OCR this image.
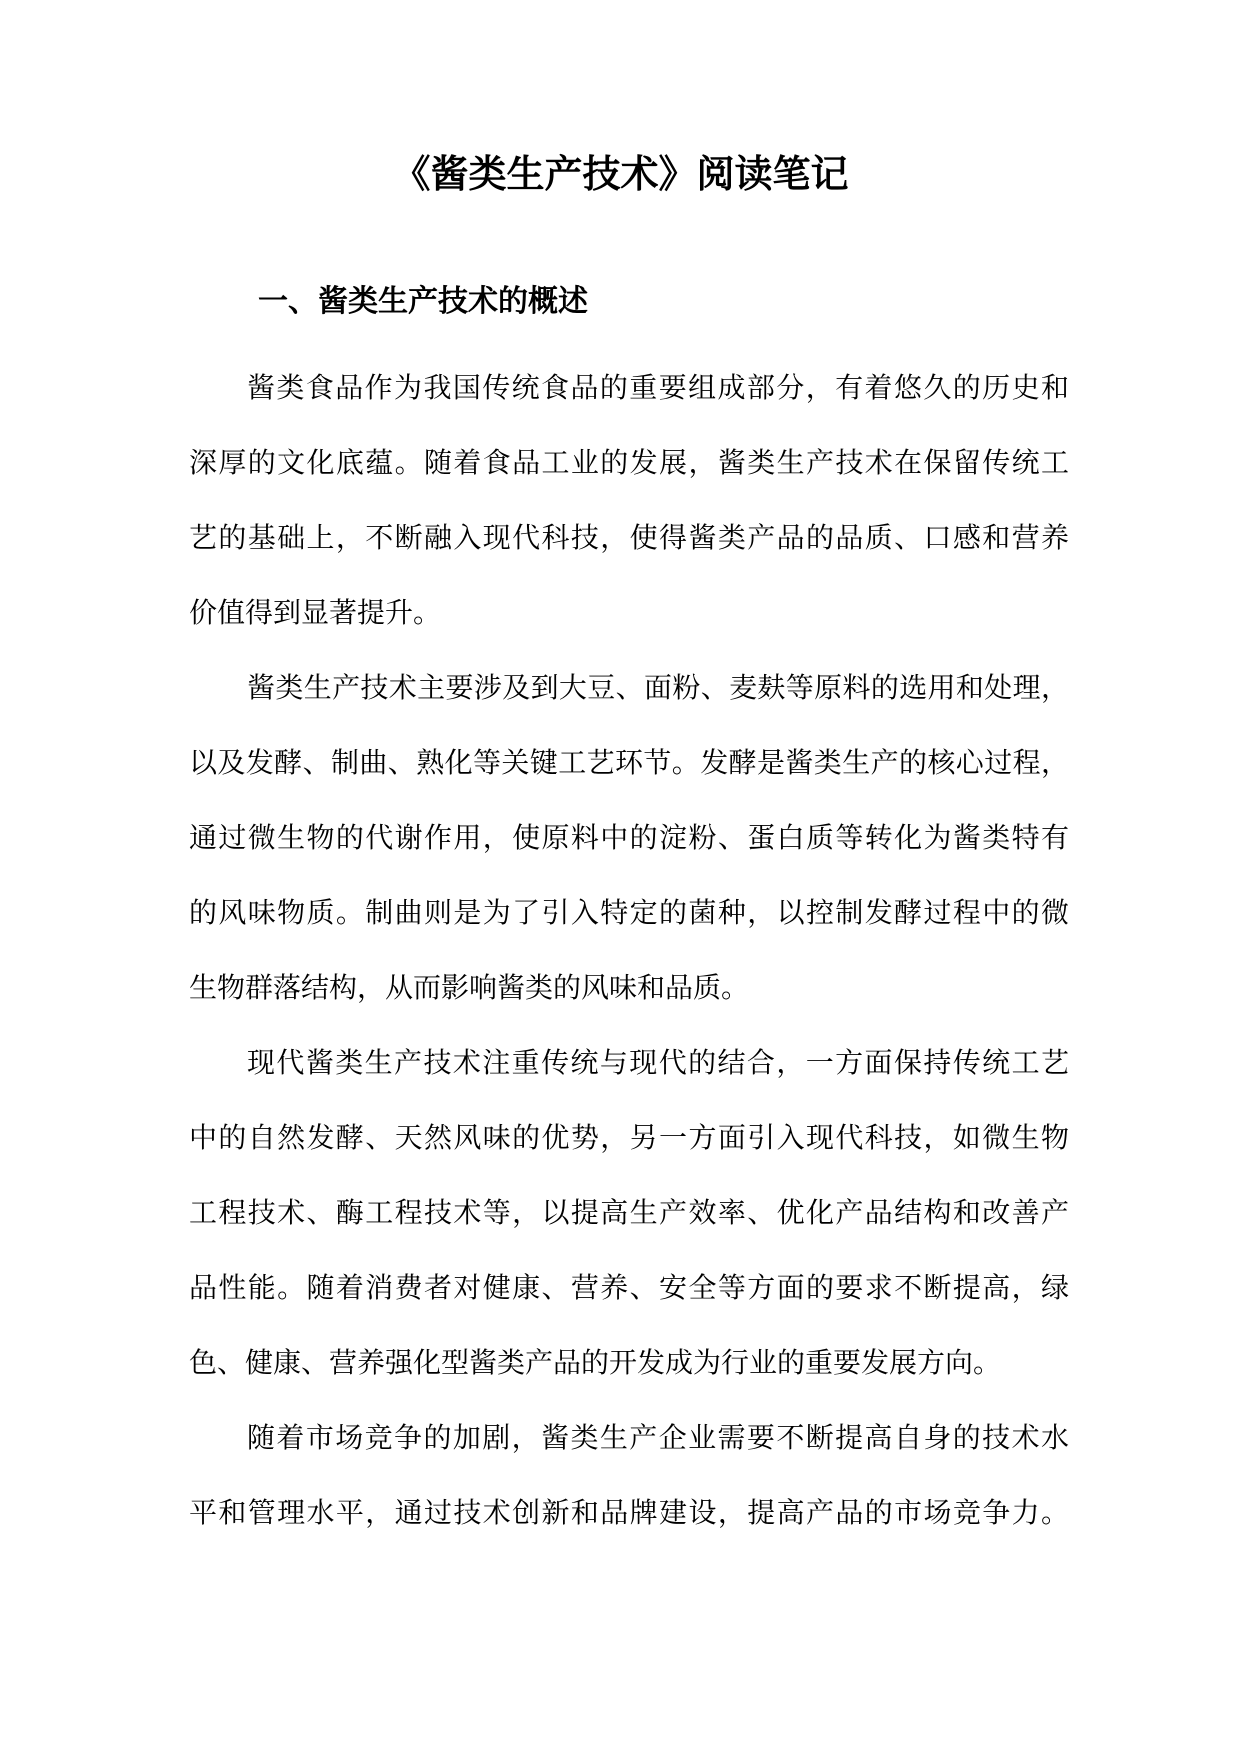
《酱类生产技术》阅读笔记
一、酱类生产技术的概述

酱类食品作为我国传统食品的重要组成部分，有着悠久的历史和
深厚的文化底蕴。随着食品工业的发展，酱类生产技术在保留传统工
艺的基础上，不断融入现代科技，使得酱类产品的品质、口感和营养
价值得到显著提升。

酱类生产技术主要涉及到大豆、面粉、麦麸等原料的选用和处理，
以及发酵、制曲、熟化等关键工艺环节。发酵是酱类生产的核心过程，
通过微生物的代谢作用，使原料中的淀粉、蛋白质等转化为酱类特有
的风味物质。制曲则是为了引入特定的菌种，以控制发酵过程中的微
生物群落结构，从而影响酱类的风味和品质。

现代酱类生产技术注重传统与现代的结合，一方面保持传统工艺
中的自然发酵、天然风味的优势，另一方面引入现代科技，如微生物
工程技术、酶工程技术等，以提高生产效率、优化产品结构和改善产
品性能。随着消费者对健康、营养、安全等方面的要求不断提高，绿
色、健康、营养强化型酱类产品的开发成为行业的重要发展方向。

随着市场竞争的加剧，酱类生产企业需要不断提高自身的技术水
平和管理水平，通过技术创新和品牌建设，提高产品的市场竞争力。
